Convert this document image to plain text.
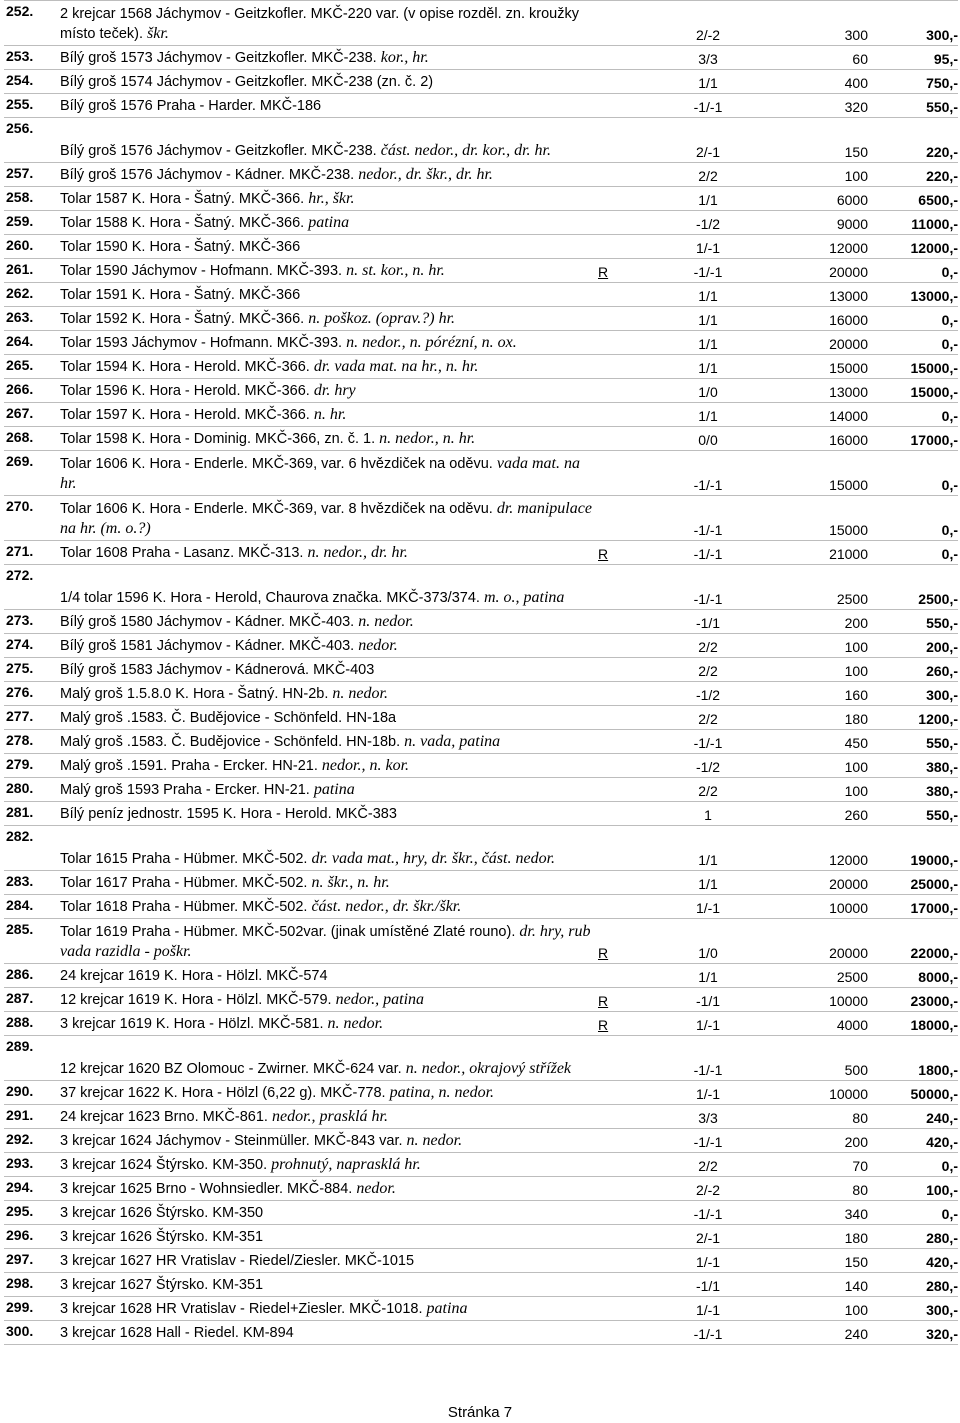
252.	2 krejcar 1568 Jáchymov - Geitzkofler. MKČ-220 var. (v opise rozděl. zn. kroužky místo teček). škr.		2/-2	300	300,-
253.	Bílý groš 1573 Jáchymov - Geitzkofler. MKČ-238. kor., hr.		3/3	60	95,-
254.	Bílý groš 1574 Jáchymov - Geitzkofler. MKČ-238 (zn. č. 2)		1/1	400	750,-
255.	Bílý groš 1576 Praha - Harder. MKČ-186		-1/-1	320	550,-
256.	Bílý groš 1576 Jáchymov - Geitzkofler. MKČ-238. část. nedor., dr. kor., dr. hr.		2/-1	150	220,-
257.	Bílý groš 1576 Jáchymov - Kádner. MKČ-238. nedor., dr. škr., dr. hr.		2/2	100	220,-
258.	Tolar 1587 K. Hora - Šatný. MKČ-366. hr., škr.		1/1	6000	6500,-
259.	Tolar 1588 K. Hora - Šatný. MKČ-366. patina		-1/2	9000	11000,-
260.	Tolar 1590 K. Hora - Šatný. MKČ-366		1/-1	12000	12000,-
261.	Tolar 1590 Jáchymov - Hofmann. MKČ-393. n. st. kor., n. hr.	R	-1/-1	20000	0,-
262.	Tolar 1591 K. Hora - Šatný. MKČ-366		1/1	13000	13000,-
263.	Tolar 1592 K. Hora - Šatný. MKČ-366. n. poškoz. (oprav.?) hr.		1/1	16000	0,-
264.	Tolar 1593 Jáchymov - Hofmann. MKČ-393. n. nedor., n. pórézní, n. ox.		1/1	20000	0,-
265.	Tolar 1594 K. Hora - Herold. MKČ-366. dr. vada mat. na hr., n. hr.		1/1	15000	15000,-
266.	Tolar 1596 K. Hora - Herold. MKČ-366. dr. hry		1/0	13000	15000,-
267.	Tolar 1597 K. Hora - Herold. MKČ-366. n. hr.		1/1	14000	0,-
268.	Tolar 1598 K. Hora - Dominig. MKČ-366, zn. č. 1. n. nedor., n. hr.		0/0	16000	17000,-
269.	Tolar 1606 K. Hora - Enderle. MKČ-369, var. 6 hvězdiček na oděvu. vada mat. na hr.		-1/-1	15000	0,-
270.	Tolar 1606 K. Hora - Enderle. MKČ-369, var. 8 hvězdiček na oděvu. dr. manipulace na hr. (m. o.?)		-1/-1	15000	0,-
271.	Tolar 1608 Praha - Lasanz. MKČ-313. n. nedor., dr. hr.	R	-1/-1	21000	0,-
272.	1/4 tolar 1596 K. Hora - Herold, Chaurova značka. MKČ-373/374. m. o., patina		-1/-1	2500	2500,-
273.	Bílý groš 1580 Jáchymov - Kádner. MKČ-403. n. nedor.		-1/1	200	550,-
274.	Bílý groš 1581 Jáchymov - Kádner. MKČ-403. nedor.		2/2	100	200,-
275.	Bílý groš 1583 Jáchymov - Kádnerová. MKČ-403		2/2	100	260,-
276.	Malý groš 1.5.8.0 K. Hora - Šatný. HN-2b. n. nedor.		-1/2	160	300,-
277.	Malý groš .1583. Č. Budějovice - Schönfeld. HN-18a		2/2	180	1200,-
278.	Malý groš .1583. Č. Budějovice - Schönfeld. HN-18b. n. vada, patina		-1/-1	450	550,-
279.	Malý groš .1591. Praha - Ercker. HN-21. nedor., n. kor.		-1/2	100	380,-
280.	Malý groš 1593 Praha - Ercker. HN-21. patina		2/2	100	380,-
281.	Bílý peníz jednostr. 1595 K. Hora - Herold. MKČ-383		1	260	550,-
282.	Tolar 1615 Praha - Hübmer. MKČ-502. dr. vada mat., hry, dr. škr., část. nedor.		1/1	12000	19000,-
283.	Tolar 1617 Praha - Hübmer. MKČ-502. n. škr., n. hr.		1/1	20000	25000,-
284.	Tolar 1618 Praha - Hübmer. MKČ-502. část. nedor., dr. škr./škr.		1/-1	10000	17000,-
285.	Tolar 1619 Praha - Hübmer. MKČ-502var. (jinak umístěné Zlaté rouno). dr. hry, rub vada razidla - poškr.	R	1/0	20000	22000,-
286.	24 krejcar 1619 K. Hora - Hölzl. MKČ-574		1/1	2500	8000,-
287.	12 krejcar 1619 K. Hora - Hölzl. MKČ-579. nedor., patina	R	-1/1	10000	23000,-
288.	3 krejcar 1619 K. Hora - Hölzl. MKČ-581. n. nedor.	R	1/-1	4000	18000,-
289.	12 krejcar 1620 BZ Olomouc - Zwirner. MKČ-624 var. n. nedor., okrajový střížek		-1/-1	500	1800,-
290.	37 krejcar 1622 K. Hora - Hölzl (6,22 g). MKČ-778. patina, n. nedor.		1/-1	10000	50000,-
291.	24 krejcar 1623 Brno. MKČ-861. nedor., prasklá hr.		3/3	80	240,-
292.	3 krejcar 1624 Jáchymov - Steinmüller. MKČ-843 var. n. nedor.		-1/-1	200	420,-
293.	3 krejcar 1624 Štýrsko. KM-350. prohnutý, naprasklá hr.		2/2	70	0,-
294.	3 krejcar 1625 Brno - Wohnsiedler. MKČ-884. nedor.		2/-2	80	100,-
295.	3 krejcar 1626 Štýrsko. KM-350		-1/-1	340	0,-
296.	3 krejcar 1626 Štýrsko. KM-351		2/-1	180	280,-
297.	3 krejcar 1627 HR Vratislav - Riedel/Ziesler. MKČ-1015		1/-1	150	420,-
298.	3 krejcar 1627 Štýrsko. KM-351		-1/1	140	280,-
299.	3 krejcar 1628 HR Vratislav - Riedel+Ziesler. MKČ-1018. patina		1/-1	100	300,-
300.	3 krejcar 1628 Hall - Riedel. KM-894		-1/-1	240	320,-
Stránka 7
